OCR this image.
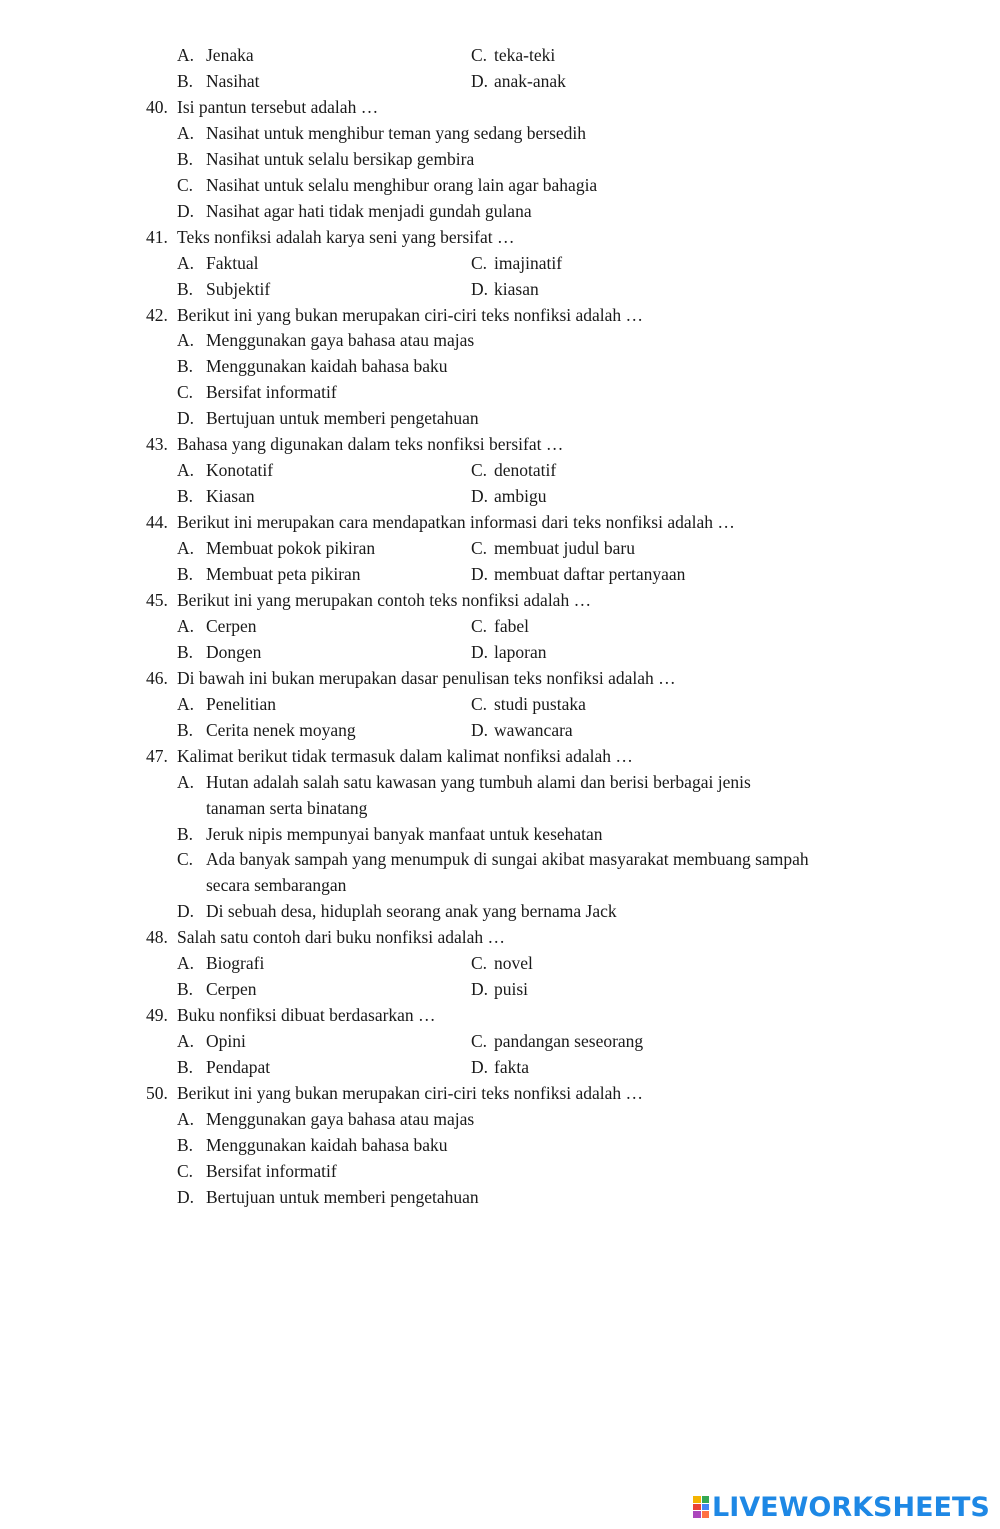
A. Jenaka	C. teka-teki
B. Nasihat	D. anak-anak
40. Isi pantun tersebut adalah …
A. Nasihat untuk menghibur teman yang sedang bersedih
B. Nasihat untuk selalu bersikap gembira
C. Nasihat untuk selalu menghibur orang lain agar bahagia
D. Nasihat agar hati tidak menjadi gundah gulana
41. Teks nonfiksi adalah karya seni yang bersifat …
A. Faktual	C. imajinatif
B. Subjektif	D. kiasan
42. Berikut ini yang bukan merupakan ciri-ciri teks nonfiksi adalah …
A. Menggunakan gaya bahasa atau majas
B. Menggunakan kaidah bahasa baku
C. Bersifat informatif
D. Bertujuan untuk memberi pengetahuan
43. Bahasa yang digunakan dalam teks nonfiksi bersifat …
A. Konotatif	C. denotatif
B. Kiasan	D. ambigu
44. Berikut ini merupakan cara mendapatkan informasi dari teks nonfiksi adalah …
A. Membuat pokok pikiran	C. membuat judul baru
B. Membuat peta pikiran	D. membuat daftar pertanyaan
45. Berikut ini yang merupakan contoh teks nonfiksi adalah …
A. Cerpen	C. fabel
B. Dongen	D. laporan
46. Di bawah ini bukan merupakan dasar penulisan teks nonfiksi adalah …
A. Penelitian	C. studi pustaka
B. Cerita nenek moyang	D. wawancara
47. Kalimat berikut tidak termasuk dalam kalimat nonfiksi adalah …
A. Hutan adalah salah satu kawasan yang tumbuh alami dan berisi berbagai jenis
tanaman serta binatang
B. Jeruk nipis mempunyai banyak manfaat untuk kesehatan
C. Ada banyak sampah yang menumpuk di sungai akibat masyarakat membuang sampah
secara sembarangan
D. Di sebuah desa, hiduplah seorang anak yang bernama Jack
48. Salah satu contoh dari buku nonfiksi adalah …
A. Biografi	C. novel
B. Cerpen	D. puisi
49. Buku nonfiksi dibuat berdasarkan …
A. Opini	C. pandangan seseorang
B. Pendapat	D. fakta
50. Berikut ini yang bukan merupakan ciri-ciri teks nonfiksi adalah …
A. Menggunakan gaya bahasa atau majas
B. Menggunakan kaidah bahasa baku
C. Bersifat informatif
D. Bertujuan untuk memberi pengetahuan
LIVEWORKSHEETS
